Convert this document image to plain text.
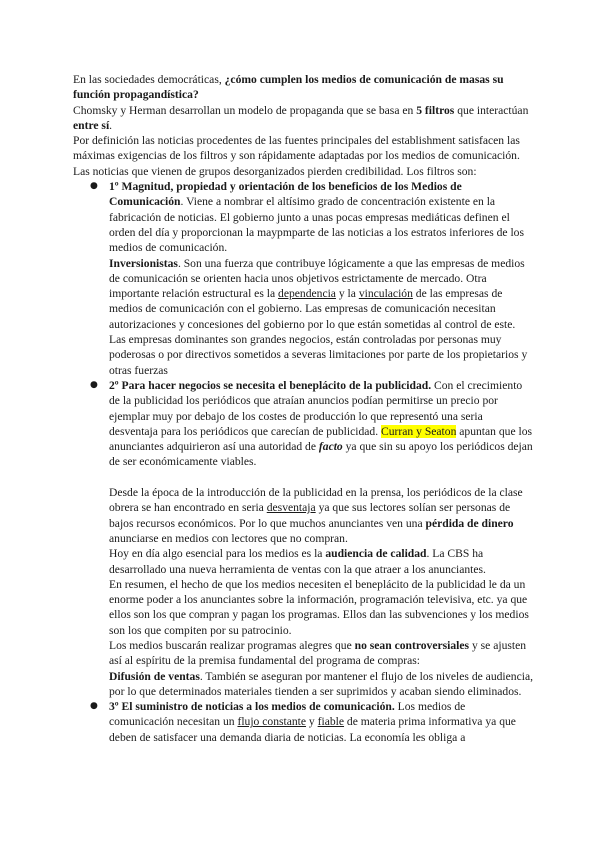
En las sociedades democráticas, ¿cómo cumplen los medios de comunicación de masas su función propagandística?

Chomsky y Herman desarrollan un modelo de propaganda que se basa en 5 filtros que interactúan entre sí.

Por definición las noticias procedentes de las fuentes principales del establishment satisfacen las máximas exigencias de los filtros y son rápidamente adaptadas por los medios de comunicación. Las noticias que vienen de grupos desorganizados pierden credibilidad. Los filtros son:

● 1º Magnitud, propiedad y orientación de los beneficios de los Medios de Comunicación. Viene a nombrar el altísimo grado de concentración existente en la fabricación de noticias. El gobierno junto a unas pocas empresas mediáticas definen el orden del día y proporcionan la maypmparte de las noticias a los estratos inferiores de los medios de comunicación.

Inversionistas. Son una fuerza que contribuye lógicamente a que las empresas de medios de comunicación se orienten hacia unos objetivos estrictamente de mercado. Otra importante relación estructural es la dependencia y la vinculación de las empresas de medios de comunicación con el gobierno. Las empresas de comunicación necesitan autorizaciones y concesiones del gobierno por lo que están sometidas al control de este.

Las empresas dominantes son grandes negocios, están controladas por personas muy poderosas o por directivos sometidos a severas limitaciones por parte de los propietarios y otras fuerzas

● 2º Para hacer negocios se necesita el beneplácito de la publicidad. Con el crecimiento de la publicidad los periódicos que atraían anuncios podían permitirse un precio por ejemplar muy por debajo de los costes de producción lo que representó una seria desventaja para los periódicos que carecían de publicidad. Curran y Seaton apuntan que los anunciantes adquirieron así una autoridad de facto ya que sin su apoyo los periódicos dejan de ser económicamente viables.

Desde la época de la introducción de la publicidad en la prensa, los periódicos de la clase obrera se han encontrado en seria desventaja ya que sus lectores solían ser personas de bajos recursos económicos. Por lo que muchos anunciantes ven una pérdida de dinero anunciarse en medios con lectores que no compran.

Hoy en día algo esencial para los medios es la audiencia de calidad. La CBS ha desarrollado una nueva herramienta de ventas con la que atraer a los anunciantes.

En resumen, el hecho de que los medios necesiten el beneplácito de la publicidad le da un enorme poder a los anunciantes sobre la información, programación televisiva, etc. ya que ellos son los que compran y pagan los programas. Ellos dan las subvenciones y los medios son los que compiten por su patrocinio.

Los medios buscarán realizar programas alegres que no sean controversiales y se ajusten así al espíritu de la premisa fundamental del programa de compras:

Difusión de ventas. También se aseguran por mantener el flujo de los niveles de audiencia, por lo que determinados materiales tienden a ser suprimidos y acaban siendo eliminados.

● 3º El suministro de noticias a los medios de comunicación. Los medios de comunicación necesitan un flujo constante y fiable de materia prima informativa ya que deben de satisfacer una demanda diaria de noticias. La economía les obliga a
